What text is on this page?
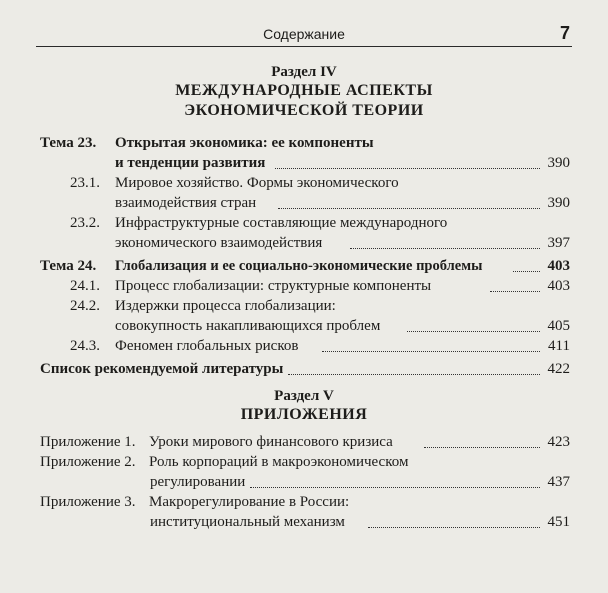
Содержание	7
Раздел IV
МЕЖДУНАРОДНЫЕ АСПЕКТЫ
ЭКОНОМИЧЕСКОЙ ТЕОРИИ
Тема 23. Открытая экономика: ее компоненты
и тенденции развития	390
23.1. Мировое хозяйство. Формы экономического
взаимодействия стран	390
23.2. Инфраструктурные составляющие международного
экономического взаимодействия	397
Тема 24. Глобализация и ее социально-экономические проблемы	403
24.1. Процесс глобализации: структурные компоненты	403
24.2. Издержки процесса глобализации:
совокупность накапливающихся проблем	405
24.3. Феномен глобальных рисков	411
Список рекомендуемой литературы	422
Раздел V
ПРИЛОЖЕНИЯ
Приложение 1. Уроки мирового финансового кризиса	423
Приложение 2. Роль корпораций в макроэкономическом
регулировании	437
Приложение 3. Макрорегулирование в России:
институциональный механизм	451
